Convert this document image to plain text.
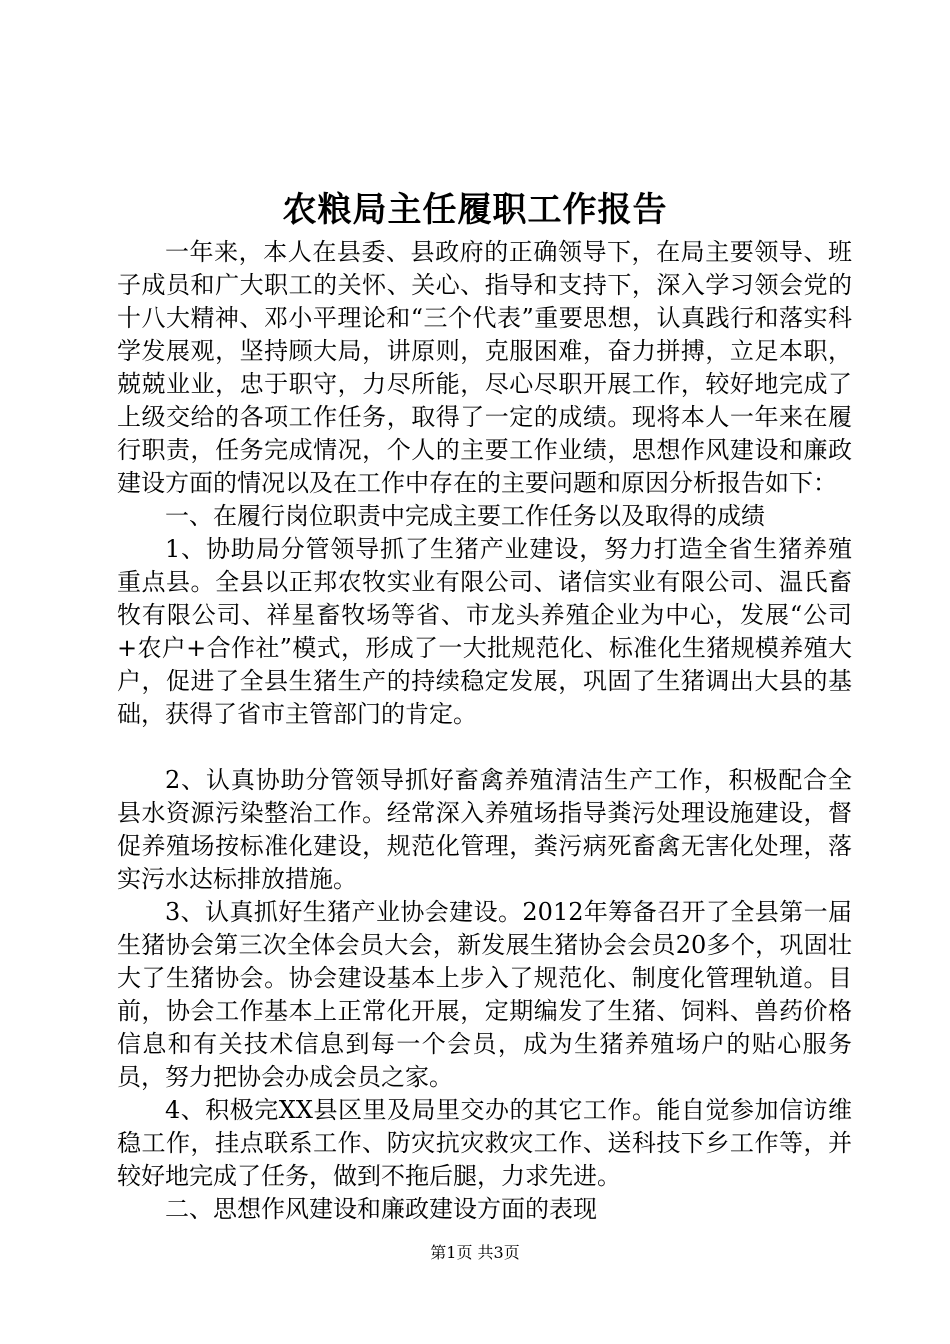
农粮局主任履职工作报告

一年来，本人在县委、县政府的正确领导下，在局主要领导、班子成员和广大职工的关怀、关心、指导和支持下，深入学习领会党的十八大精神、邓小平理论和“三个代表”重要思想，认真践行和落实科学发展观，坚持顾大局，讲原则，克服困难，奋力拼搏，立足本职，兢兢业业，忠于职守，力尽所能，尽心尽职开展工作，较好地完成了上级交给的各项工作任务，取得了一定的成绩。现将本人一年来在履行职责，任务完成情况，个人的主要工作业绩，思想作风建设和廉政建设方面的情况以及在工作中存在的主要问题和原因分析报告如下：

一、在履行岗位职责中完成主要工作任务以及取得的成绩

1、协助局分管领导抓了生猪产业建设，努力打造全省生猪养殖重点县。全县以正邦农牧实业有限公司、诸信实业有限公司、温氏畜牧有限公司、祥星畜牧场等省、市龙头养殖企业为中心，发展“公司+农户+合作社”模式，形成了一大批规范化、标准化生猪规模养殖大户，促进了全县生猪生产的持续稳定发展，巩固了生猪调出大县的基础，获得了省市主管部门的肯定。

2、认真协助分管领导抓好畜禽养殖清洁生产工作，积极配合全县水资源污染整治工作。经常深入养殖场指导粪污处理设施建设，督促养殖场按标准化建设，规范化管理，粪污病死畜禽无害化处理，落实污水达标排放措施。

3、认真抓好生猪产业协会建设。2012年筹备召开了全县第一届生猪协会第三次全体会员大会，新发展生猪协会会员20多个，巩固壮大了生猪协会。协会建设基本上步入了规范化、制度化管理轨道。目前，协会工作基本上正常化开展，定期编发了生猪、饲料、兽药价格信息和有关技术信息到每一个会员，成为生猪养殖场户的贴心服务员，努力把协会办成会员之家。

4、积极完XX县区里及局里交办的其它工作。能自觉参加信访维稳工作，挂点联系工作、防灾抗灾救灾工作、送科技下乡工作等，并较好地完成了任务，做到不拖后腿，力求先进。

二、思想作风建设和廉政建设方面的表现

第1页 共3页
